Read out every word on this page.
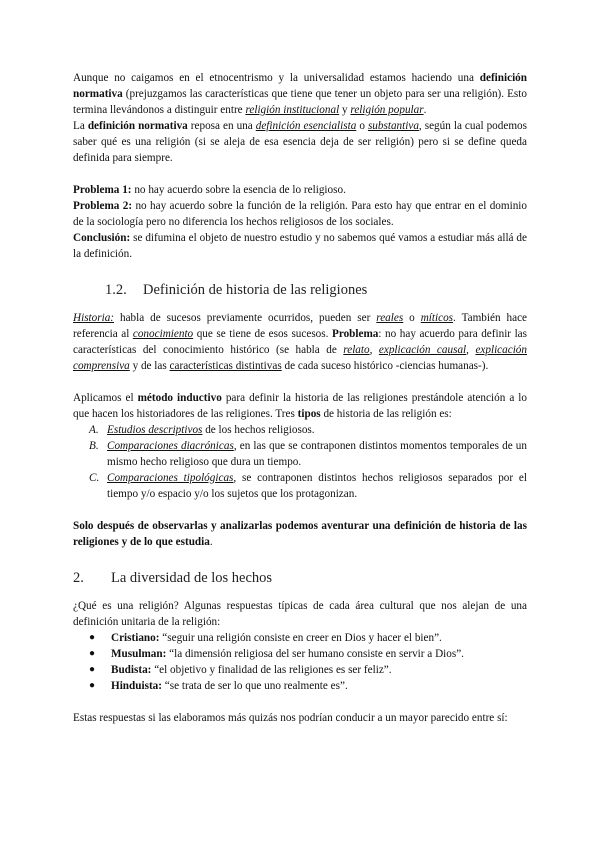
Aunque no caigamos en el etnocentrismo y la universalidad estamos haciendo una definición normativa (prejuzgamos las características que tiene que tener un objeto para ser una religión). Esto termina llevándonos a distinguir entre religión institucional y religión popular.

La definición normativa reposa en una definición esencialista o substantiva, según la cual podemos saber qué es una religión (si se aleja de esa esencia deja de ser religión) pero si se define queda definida para siempre.

Problema 1: no hay acuerdo sobre la esencia de lo religioso.

Problema 2: no hay acuerdo sobre la función de la religión. Para esto hay que entrar en el dominio de la sociología pero no diferencia los hechos religiosos de los sociales.

Conclusión: se difumina el objeto de nuestro estudio y no sabemos qué vamos a estudiar más allá de la definición.

1.2. Definición de historia de las religiones

Historia: habla de sucesos previamente ocurridos, pueden ser reales o míticos. También hace referencia al conocimiento que se tiene de esos sucesos. Problema: no hay acuerdo para definir las características del conocimiento histórico (se habla de relato, explicación causal, explicación comprensiva y de las características distintivas de cada suceso histórico -ciencias humanas-).

Aplicamos el método inductivo para definir la historia de las religiones prestándole atención a lo que hacen los historiadores de las religiones. Tres tipos de historia de las religión es:

A. Estudios descriptivos de los hechos religiosos.
B. Comparaciones diacrónicas, en las que se contraponen distintos momentos temporales de un mismo hecho religioso que dura un tiempo.
C. Comparaciones tipológicas, se contraponen distintos hechos religiosos separados por el tiempo y/o espacio y/o los sujetos que los protagonizan.

Solo después de observarlas y analizarlas podemos aventurar una definición de historia de las religiones y de lo que estudia.

2. La diversidad de los hechos

¿Qué es una religión? Algunas respuestas típicas de cada área cultural que nos alejan de una definición unitaria de la religión:

● Cristiano: “seguir una religión consiste en creer en Dios y hacer el bien”.
● Musulman: “la dimensión religiosa del ser humano consiste en servir a Dios”.
● Budista: “el objetivo y finalidad de las religiones es ser feliz”.
● Hinduista: “se trata de ser lo que uno realmente es”.

Estas respuestas si las elaboramos más quizás nos podrían conducir a un mayor parecido entre sí:
